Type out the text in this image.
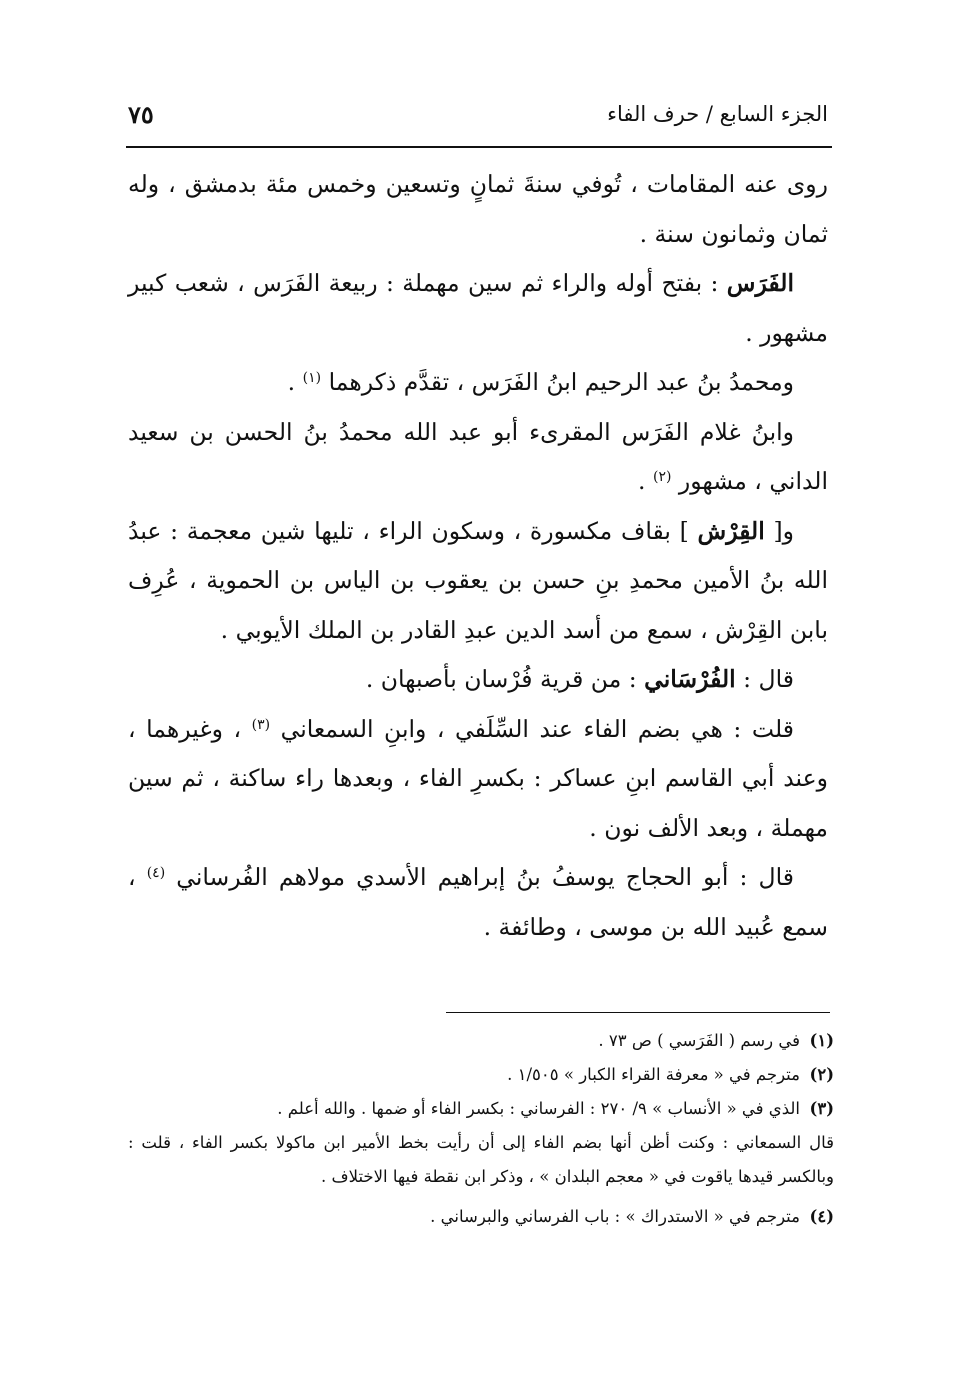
الجزء السابع / حرف الفاء
٧٥

روى عنه المقامات ، تُوفي سنةَ ثمانٍ وتسعين وخمس مئة بدمشق ، وله ثمان وثمانون سنة .

الفَرَس : بفتح أوله والراء ثم سين مهملة : ربيعة الفَرَس ، شعب كبير مشهور .

ومحمدُ بنُ عبد الرحيم ابنُ الفَرَس ، تقدَّم ذكرهما $^{(١)}$ .

وابنُ غلام الفَرَس المقرىء أبو عبد الله محمدُ بنُ الحسن بن سعيد الداني ، مشهور $^{(٢)}$ .

و[ القِرْش ] بقاف مكسورة ، وسكون الراء ، تليها شين معجمة : عبدُ الله بنُ الأمين محمدِ بنِ حسن بن يعقوب بن الياس بن الحموية ، عُرِف بابن القِرْش ، سمع من أسد الدين عبدِ القادر بن الملك الأيوبي .

قال : الفُرْسَاني : من قرية فُرْسان بأصبهان .

قلت : هي بضم الفاء عند السِّلَفي ، وابنِ السمعاني $^{(٣)}$ ، وغيرهما ، وعند أبي القاسم ابنِ عساكر : بكسرِ الفاء ، وبعدها راء ساكنة ، ثم سين مهملة ، وبعد الألف نون .

قال : أبو الحجاج يوسفُ بنُ إبراهيم الأسدي مولاهم الفُرساني $^{(٤)}$ ، سمع عُبيد الله بن موسى ، وطائفة .

(١)
في رسم ( الفَرَسي ) ص ٧٣ .
(٢)
مترجم في « معرفة القراء الكبار » ١/٥٠٥ .
(٣)
الذي في « الأنساب » ٩/ ٢٧٠ : الفرساني : بكسر الفاء أو ضمها . والله أعلم .

قال السمعاني : وكنت أظن أنها بضم الفاء إلى أن رأيت بخط الأمير ابن ماكولا بكسر الفاء ، قلت : وبالكسر قيدها ياقوت في « معجم البلدان » ، وذكر ابن نقطة فيها الاختلاف .

(٤)
مترجم في « الاستدراك » : باب الفرساني والبرساني .
